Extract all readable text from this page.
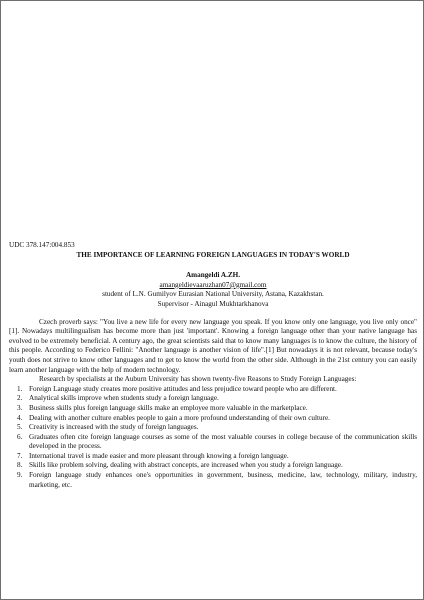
UDC 378.147:004.853

THE IMPORTANCE OF LEARNING FOREIGN LANGUAGES IN TODAY'S WORLD

Amangeldi A.ZH.
amangeldievaaruzhan07@gmail.com
student of L.N. Gumilyov Eurasian National University, Astana, Kazakhstan.
Supervisor - Ainagul Mukhtarkhanova

Czech proverb says: "You live a new life for every new language you speak. If you know only one language, you live only once" [1]. Nowadays multilingualism has become more than just 'important'. Knowing a foreign language other than your native language has evolved to be extremely beneficial. A century ago, the great scientists said that to know many languages is to know the culture, the history of this people. According to Federico Fellini: "Another language is another vision of life".[1] But nowadays it is not relevant, because today's youth does not strive to know other languages and to get to know the world from the other side. Although in the 21st century you can easily learn another language with the help of modern technology.

Research by specialists at the Auburn University has shown twenty-five Reasons to Study Foreign Languages:

1. Foreign Language study creates more positive attitudes and less prejudice toward people who are different.
2. Analytical skills improve when students study a foreign language.
3. Business skills plus foreign language skills make an employee more valuable in the marketplace.
4. Dealing with another culture enables people to gain a more profound understanding of their own culture.
5. Creativity is increased with the study of foreign languages.
6. Graduates often cite foreign language courses as some of the most valuable courses in college because of the communication skills developed in the process.
7. International travel is made easier and more pleasant through knowing a foreign language.
8. Skills like problem solving, dealing with abstract concepts, are increased when you study a foreign language.
9. Foreign language study enhances one's opportunities in government, business, medicine, law, technology, military, industry, marketing, etc.
